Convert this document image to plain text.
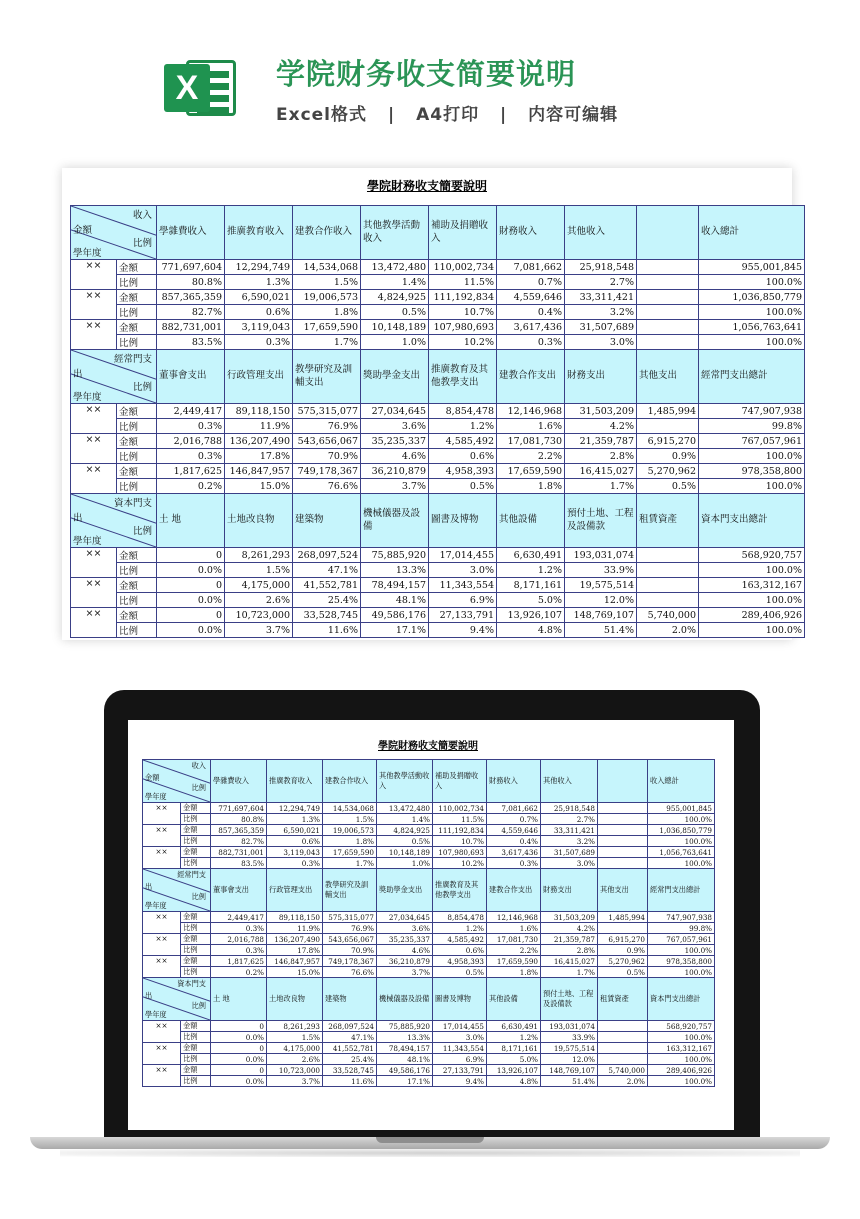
X	学院财务收支简要说明
Excel格式 | A4打印 | 内容可编辑
學院財務收支簡要說明
收入
金額
比例
學年度		學雜費收入	推廣教育收入	建教合作收入	其他教學活動收入	補助及捐贈收入	財務收入	其他收入		收入總計
××	金額	771,697,604	12,294,749	14,534,068	13,472,480	110,002,734	7,081,662	25,918,548		955,001,845
	比例	80.8%	1.3%	1.5%	1.4%	11.5%	0.7%	2.7%		100.0%
××	金額	857,365,359	6,590,021	19,006,573	4,824,925	111,192,834	4,559,646	33,311,421		1,036,850,779
	比例	82.7%	0.6%	1.8%	0.5%	10.7%	0.4%	3.2%		100.0%
××	金額	882,731,001	3,119,043	17,659,590	10,148,189	107,980,693	3,617,436	31,507,689		1,056,763,641
	比例	83.5%	0.3%	1.7%	1.0%	10.2%	0.3%	3.0%		100.0%

經常門支
出
比例
學年度		董事會支出	行政管理支出	教學研究及訓輔支出	獎助學金支出	推廣教育及其他教學支出	建教合作支出	財務支出	其他支出	經常門支出總計
××	金額	2,449,417	89,118,150	575,315,077	27,034,645	8,854,478	12,146,968	31,503,209	1,485,994	747,907,938
	比例	0.3%	11.9%	76.9%	3.6%	1.2%	1.6%	4.2%		99.8%
××	金額	2,016,788	136,207,490	543,656,067	35,235,337	4,585,492	17,081,730	21,359,787	6,915,270	767,057,961
	比例	0.3%	17.8%	70.9%	4.6%	0.6%	2.2%	2.8%	0.9%	100.0%
××	金額	1,817,625	146,847,957	749,178,367	36,210,879	4,958,393	17,659,590	16,415,027	5,270,962	978,358,800
	比例	0.2%	15.0%	76.6%	3.7%	0.5%	1.8%	1.7%	0.5%	100.0%

資本門支
出
比例
學年度		土 地	土地改良物	建築物	機械儀器及設備	圖書及博物	其他設備	預付土地、工程及設備款	租賃資產	資本門支出總計
××	金額	0	8,261,293	268,097,524	75,885,920	17,014,455	6,630,491	193,031,074		568,920,757
	比例	0.0%	1.5%	47.1%	13.3%	3.0%	1.2%	33.9%		100.0%
××	金額	0	4,175,000	41,552,781	78,494,157	11,343,554	8,171,161	19,575,514		163,312,167
	比例	0.0%	2.6%	25.4%	48.1%	6.9%	5.0%	12.0%		100.0%
××	金額	0	10,723,000	33,528,745	49,586,176	27,133,791	13,926,107	148,769,107	5,740,000	289,406,926
	比例	0.0%	3.7%	11.6%	17.1%	9.4%	4.8%	51.4%	2.0%	100.0%
學院財務收支簡要說明
收入
金額
比例
學年度		學雜費收入	推廣教育收入	建教合作收入	其他教學活動收入	補助及捐贈收入	財務收入	其他收入		收入總計
××	金額	771,697,604	12,294,749	14,534,068	13,472,480	110,002,734	7,081,662	25,918,548		955,001,845
	比例	80.8%	1.3%	1.5%	1.4%	11.5%	0.7%	2.7%		100.0%
××	金額	857,365,359	6,590,021	19,006,573	4,824,925	111,192,834	4,559,646	33,311,421		1,036,850,779
	比例	82.7%	0.6%	1.8%	0.5%	10.7%	0.4%	3.2%		100.0%
××	金額	882,731,001	3,119,043	17,659,590	10,148,189	107,980,693	3,617,436	31,507,689		1,056,763,641
	比例	83.5%	0.3%	1.7%	1.0%	10.2%	0.3%	3.0%		100.0%

經常門支
出
比例
學年度		董事會支出	行政管理支出	教學研究及訓輔支出	獎助學金支出	推廣教育及其他教學支出	建教合作支出	財務支出	其他支出	經常門支出總計
××	金額	2,449,417	89,118,150	575,315,077	27,034,645	8,854,478	12,146,968	31,503,209	1,485,994	747,907,938
	比例	0.3%	11.9%	76.9%	3.6%	1.2%	1.6%	4.2%		99.8%
××	金額	2,016,788	136,207,490	543,656,067	35,235,337	4,585,492	17,081,730	21,359,787	6,915,270	767,057,961
	比例	0.3%	17.8%	70.9%	4.6%	0.6%	2.2%	2.8%	0.9%	100.0%
××	金額	1,817,625	146,847,957	749,178,367	36,210,879	4,958,393	17,659,590	16,415,027	5,270,962	978,358,800
	比例	0.2%	15.0%	76.6%	3.7%	0.5%	1.8%	1.7%	0.5%	100.0%

資本門支
出
比例
學年度		土 地	土地改良物	建築物	機械儀器及設備	圖書及博物	其他設備	預付土地、工程及設備款	租賃資產	資本門支出總計
××	金額	0	8,261,293	268,097,524	75,885,920	17,014,455	6,630,491	193,031,074		568,920,757
	比例	0.0%	1.5%	47.1%	13.3%	3.0%	1.2%	33.9%		100.0%
××	金額	0	4,175,000	41,552,781	78,494,157	11,343,554	8,171,161	19,575,514		163,312,167
	比例	0.0%	2.6%	25.4%	48.1%	6.9%	5.0%	12.0%		100.0%
××	金額	0	10,723,000	33,528,745	49,586,176	27,133,791	13,926,107	148,769,107	5,740,000	289,406,926
	比例	0.0%	3.7%	11.6%	17.1%	9.4%	4.8%	51.4%	2.0%	100.0%
